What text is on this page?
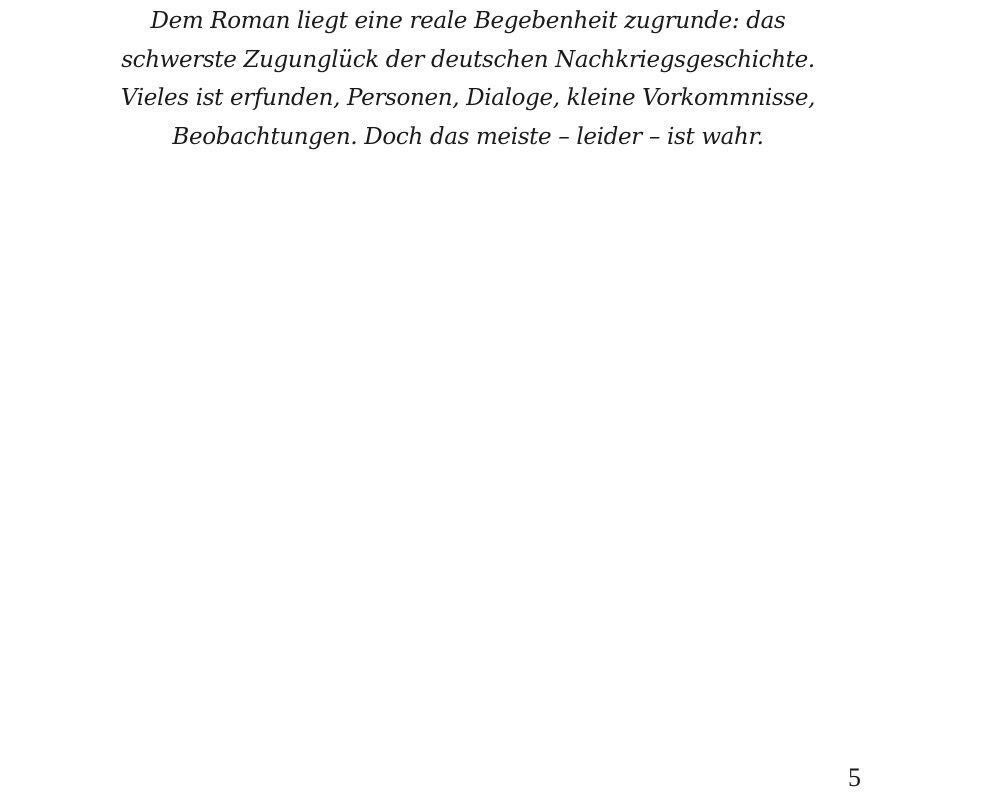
Dem Roman liegt eine reale Begebenheit zugrunde: das
schwerste Zugunglück der deutschen Nachkriegsgeschichte.
Vieles ist erfunden, Personen, Dialoge, kleine Vorkommnisse,
Beobachtungen. Doch das meiste – leider – ist wahr.

5
